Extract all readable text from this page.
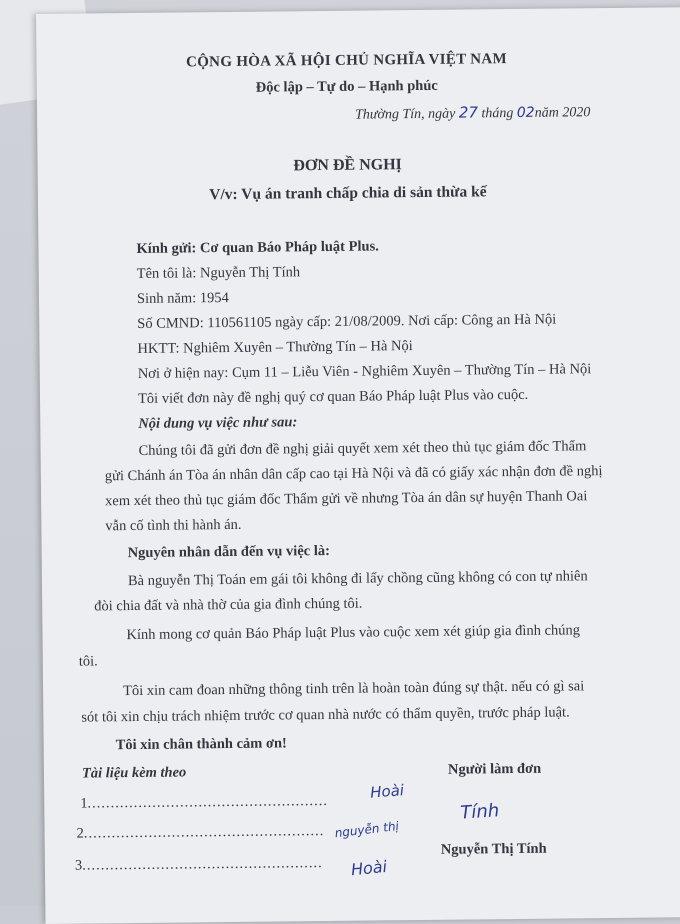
CỘNG HÒA XÃ HỘI CHỦ NGHĨA VIỆT NAM
Độc lập – Tự do – Hạnh phúc
Thường Tín, ngày 27 tháng 02năm 2020
ĐƠN ĐỀ NGHỊ
V/v: Vụ án tranh chấp chia di sản thừa kế
Kính gửi: Cơ quan Báo Pháp luật Plus.
Tên tôi là: Nguyễn Thị Tính
Sinh năm: 1954
Số CMND: 110561105 ngày cấp: 21/08/2009. Nơi cấp: Công an Hà Nội
HKTT: Nghiêm Xuyên – Thường Tín – Hà Nội
Nơi ở hiện nay: Cụm 11 – Liễu Viên - Nghiêm Xuyên – Thường Tín – Hà Nội
Tôi viết đơn này đề nghị quý cơ quan Báo Pháp luật Plus vào cuộc.
Nội dung vụ việc như sau:
Chúng tôi đã gửi đơn đề nghị giải quyết xem xét theo thủ tục giám đốc Thẩm
gửi Chánh án Tòa án nhân dân cấp cao tại Hà Nội và đã có giấy xác nhận đơn đề nghị
xem xét theo thủ tục giám đốc Thẩm gửi về nhưng Tòa án dân sự huyện Thanh Oai
vẫn cố tình thi hành án.
Nguyên nhân dẫn đến vụ việc là:
Bà nguyễn Thị Toán em gái tôi không đi lấy chồng cũng không có con tự nhiên
đòi chia đất và nhà thờ của gia đình chúng tôi.
Kính mong cơ quản Báo Pháp luật Plus vào cuộc xem xét giúp gia đình chúng
tôi.
Tôi xin cam đoan những thông tinh trên là hoàn toàn đúng sự thật. nếu có gì sai
sót tôi xin chịu trách nhiệm trước cơ quan nhà nước có thẩm quyền, trước pháp luật.
Tôi xin chân thành cảm ơn!
Tài liệu kèm theo	Người làm đơn
1....................................................
2....................................................
3....................................................
Hoài
Tính
nguyễn thị
Hoài
Nguyễn Thị Tính
